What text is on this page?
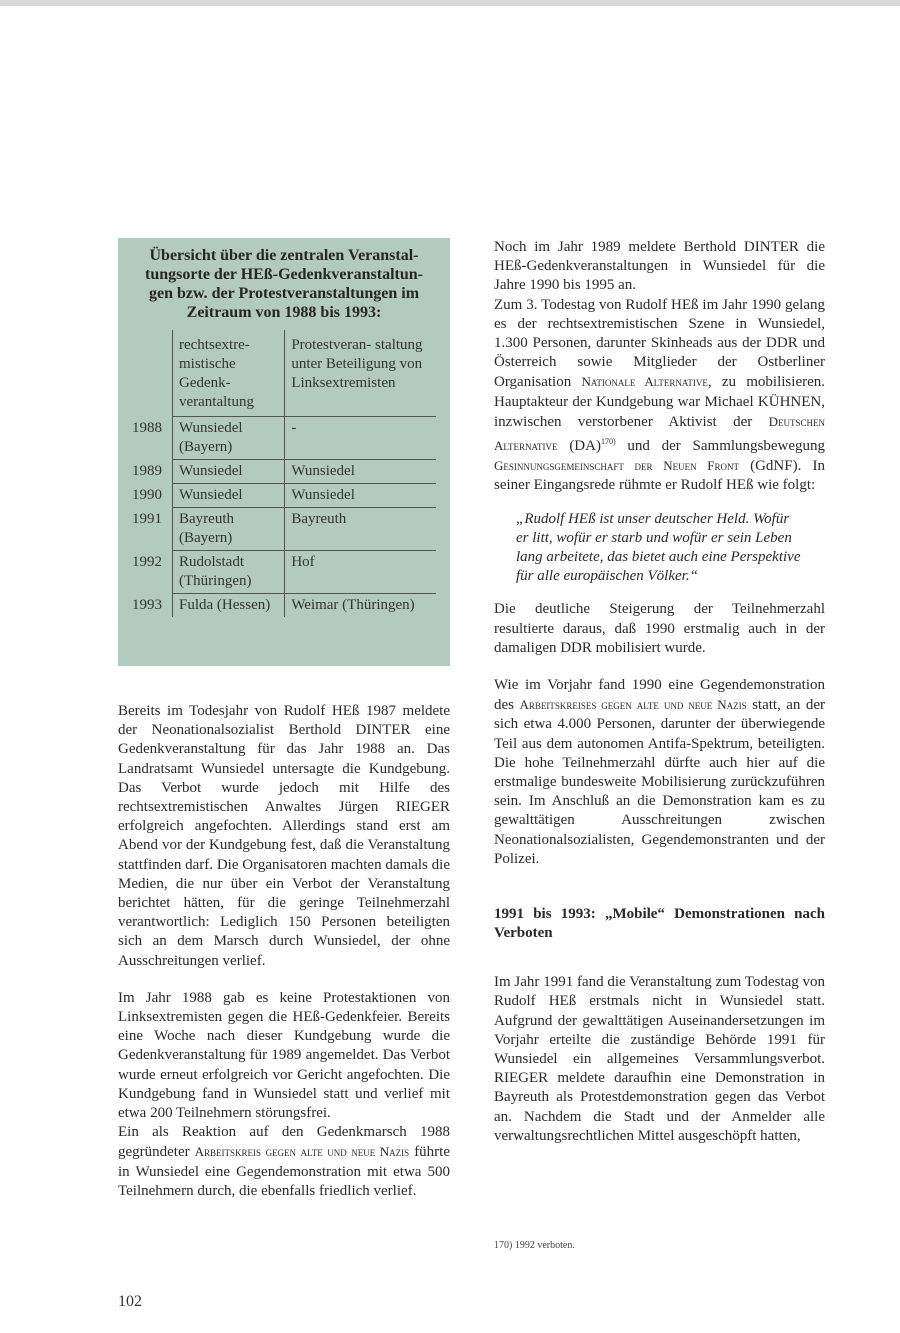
Übersicht über die zentralen Veranstal- tungsorte der HEß-Gedenkveranstaltun- gen bzw. der Protestveranstaltungen im Zeitraum von 1988 bis 1993:
	rechtsextre- mistische Gedenk- verantaltung	Protestveran- staltung unter Beteiligung von Linksextremisten
1988	Wunsiedel (Bayern)	-
1989	Wunsiedel	Wunsiedel
1990	Wunsiedel	Wunsiedel
1991	Bayreuth (Bayern)	Bayreuth
1992	Rudolstadt (Thüringen)	Hof
1993	Fulda (Hessen)	Weimar (Thüringen)

Bereits im Todesjahr von Rudolf HEß 1987 meldete der Neonationalsozialist Berthold DINTER eine Gedenkveranstaltung für das Jahr 1988 an. Das Landratsamt Wunsiedel untersagte die Kundgebung. Das Verbot wurde jedoch mit Hilfe des rechtsextremistischen Anwaltes Jürgen RIEGER erfolgreich angefochten. Allerdings stand erst am Abend vor der Kundgebung fest, daß die Veranstaltung stattfinden darf. Die Organisatoren machten damals die Medien, die nur über ein Verbot der Veranstaltung berichtet hätten, für die geringe Teilnehmerzahl verantwortlich: Lediglich 150 Personen beteiligten sich an dem Marsch durch Wunsiedel, der ohne Ausschreitungen verlief.

Im Jahr 1988 gab es keine Protestaktionen von Linksextremisten gegen die HEß-Gedenkfeier. Bereits eine Woche nach dieser Kundgebung wurde die Gedenkveranstaltung für 1989 angemeldet. Das Verbot wurde erneut erfolgreich vor Gericht angefochten. Die Kundgebung fand in Wunsiedel statt und verlief mit etwa 200 Teilnehmern störungsfrei.

Ein als Reaktion auf den Gedenkmarsch 1988 gegründeter Arbeitskreis gegen alte und neue Nazis führte in Wunsiedel eine Gegendemonstration mit etwa 500 Teilnehmern durch, die ebenfalls friedlich verlief.

Noch im Jahr 1989 meldete Berthold DINTER die HEß-Gedenkveranstaltungen in Wunsiedel für die Jahre 1990 bis 1995 an.

Zum 3. Todestag von Rudolf HEß im Jahr 1990 gelang es der rechtsextremistischen Szene in Wunsiedel, 1.300 Personen, darunter Skinheads aus der DDR und Österreich sowie Mitglieder der Ostberliner Organisation Nationale Alternative, zu mobilisieren. Hauptakteur der Kundgebung war Michael KÜHNEN, inzwischen verstorbener Aktivist der Deutschen Alternative (DA)$^{170)}$ und der Sammlungsbewegung Gesinnungsgemeinschaft der Neuen Front (GdNF). In seiner Eingangsrede rühmte er Rudolf HEß wie folgt:

„Rudolf HEß ist unser deutscher Held. Wofür er litt, wofür er starb und wofür er sein Leben lang arbeitete, das bietet auch eine Perspektive für alle europäischen Völker.“

Die deutliche Steigerung der Teilnehmerzahl resultierte daraus, daß 1990 erstmalig auch in der damaligen DDR mobilisiert wurde.

Wie im Vorjahr fand 1990 eine Gegendemonstration des Arbeitskreises gegen alte und neue Nazis statt, an der sich etwa 4.000 Personen, darunter der überwiegende Teil aus dem autonomen Antifa-Spektrum, beteiligten. Die hohe Teilnehmerzahl dürfte auch hier auf die erstmalige bundesweite Mobilisierung zurückzuführen sein. Im Anschluß an die Demonstration kam es zu gewalttätigen Ausschreitungen zwischen Neonationalsozialisten, Gegendemonstranten und der Polizei.

1991 bis 1993: „Mobile“ Demonstrationen nach Verboten

Im Jahr 1991 fand die Veranstaltung zum Todestag von Rudolf HEß erstmals nicht in Wunsiedel statt. Aufgrund der gewalttätigen Auseinandersetzungen im Vorjahr erteilte die zuständige Behörde 1991 für Wunsiedel ein allgemeines Versammlungsverbot. RIEGER meldete daraufhin eine Demonstration in Bayreuth als Protestdemonstration gegen das Verbot an. Nachdem die Stadt und der Anmelder alle verwaltungsrechtlichen Mittel ausgeschöpft hatten,

170) 1992 verboten.
102
